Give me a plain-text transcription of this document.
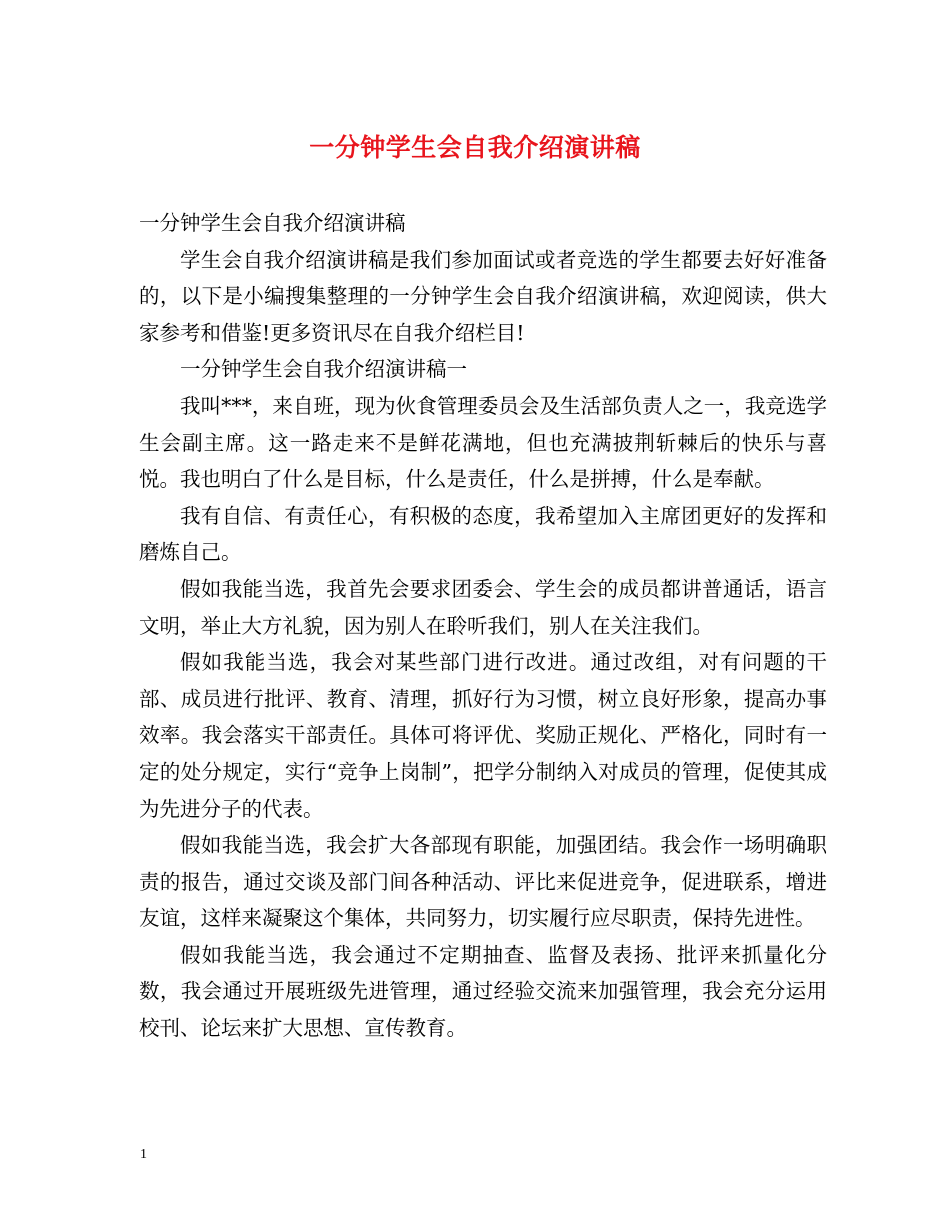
一分钟学生会自我介绍演讲稿

一分钟学生会自我介绍演讲稿

学生会自我介绍演讲稿是我们参加面试或者竞选的学生都要去好好准备的，以下是小编搜集整理的一分钟学生会自我介绍演讲稿，欢迎阅读，供大家参考和借鉴!更多资讯尽在自我介绍栏目!

一分钟学生会自我介绍演讲稿一

我叫***，来自班，现为伙食管理委员会及生活部负责人之一，我竞选学生会副主席。这一路走来不是鲜花满地，但也充满披荆斩棘后的快乐与喜悦。我也明白了什么是目标，什么是责任，什么是拼搏，什么是奉献。

我有自信、有责任心，有积极的态度，我希望加入主席团更好的发挥和磨炼自己。

假如我能当选，我首先会要求团委会、学生会的成员都讲普通话，语言文明，举止大方礼貌，因为别人在聆听我们，别人在关注我们。

假如我能当选，我会对某些部门进行改进。通过改组，对有问题的干部、成员进行批评、教育、清理，抓好行为习惯，树立良好形象，提高办事效率。我会落实干部责任。具体可将评优、奖励正规化、严格化，同时有一定的处分规定，实行“竞争上岗制”，把学分制纳入对成员的管理，促使其成为先进分子的代表。

假如我能当选，我会扩大各部现有职能，加强团结。我会作一场明确职责的报告，通过交谈及部门间各种活动、评比来促进竞争，促进联系，增进友谊，这样来凝聚这个集体，共同努力，切实履行应尽职责，保持先进性。

假如我能当选，我会通过不定期抽查、监督及表扬、批评来抓量化分数，我会通过开展班级先进管理，通过经验交流来加强管理，我会充分运用校刊、论坛来扩大思想、宣传教育。

1
